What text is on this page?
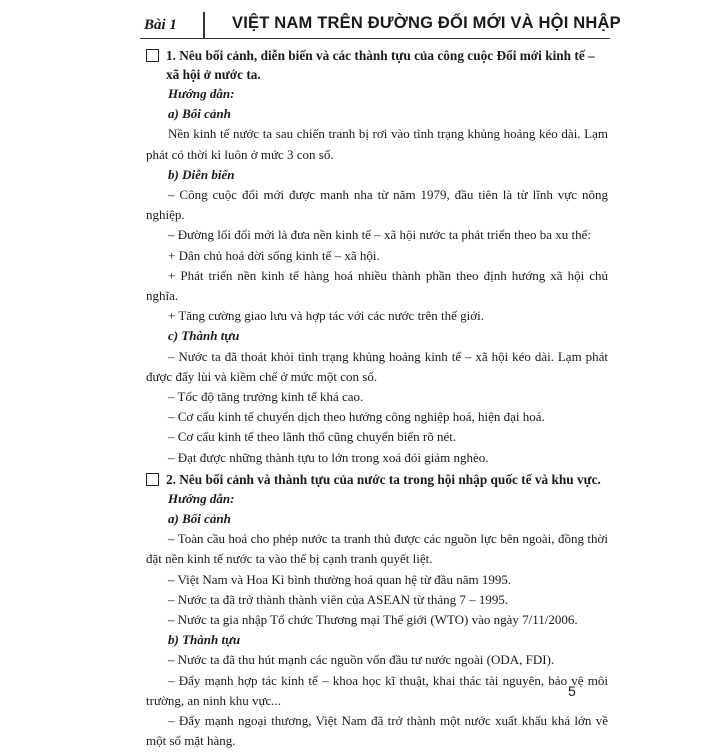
Bài 1	VIỆT NAM TRÊN ĐƯỜNG ĐỔI MỚI VÀ HỘI NHẬP
1. Nêu bối cảnh, diễn biến và các thành tựu của công cuộc Đổi mới kinh tế – xã hội ở nước ta.
Hướng dẫn:
a) Bối cảnh
Nền kinh tế nước ta sau chiến tranh bị rơi vào tình trạng khủng hoảng kéo dài. Lạm phát có thời kì luôn ở mức 3 con số.
b) Diễn biến
– Công cuộc đổi mới được manh nha từ năm 1979, đầu tiên là từ lĩnh vực nông nghiệp.
– Đường lối đổi mới là đưa nền kinh tế – xã hội nước ta phát triển theo ba xu thế:
+ Dân chủ hoá đời sống kinh tế – xã hội.
+ Phát triển nền kinh tế hàng hoá nhiều thành phần theo định hướng xã hội chủ nghĩa.
+ Tăng cường giao lưu và hợp tác với các nước trên thế giới.
c) Thành tựu
– Nước ta đã thoát khỏi tình trạng khủng hoảng kinh tế – xã hội kéo dài. Lạm phát được đẩy lùi và kiềm chế ở mức một con số.
– Tốc độ tăng trưởng kinh tế khá cao.
– Cơ cấu kinh tế chuyển dịch theo hướng công nghiệp hoá, hiện đại hoá.
– Cơ cấu kinh tế theo lãnh thổ cũng chuyển biến rõ nét.
– Đạt được những thành tựu to lớn trong xoá đói giảm nghèo.
2. Nêu bối cảnh và thành tựu của nước ta trong hội nhập quốc tế và khu vực.
Hướng dẫn:
a) Bối cảnh
– Toàn cầu hoá cho phép nước ta tranh thủ được các nguồn lực bên ngoài, đồng thời đặt nền kinh tế nước ta vào thế bị cạnh tranh quyết liệt.
– Việt Nam và Hoa Kì bình thường hoá quan hệ từ đầu năm 1995.
– Nước ta đã trở thành thành viên của ASEAN từ tháng 7 – 1995.
– Nước ta gia nhập Tổ chức Thương mại Thế giới (WTO) vào ngày 7/11/2006.
b) Thành tựu
– Nước ta đã thu hút mạnh các nguồn vốn đầu tư nước ngoài (ODA, FDI).
– Đẩy mạnh hợp tác kinh tế – khoa học kĩ thuật, khai thác tài nguyên, bảo vệ môi trường, an ninh khu vực...
– Đẩy mạnh ngoại thương, Việt Nam đã trở thành một nước xuất khẩu khá lớn về một số mặt hàng.
5
